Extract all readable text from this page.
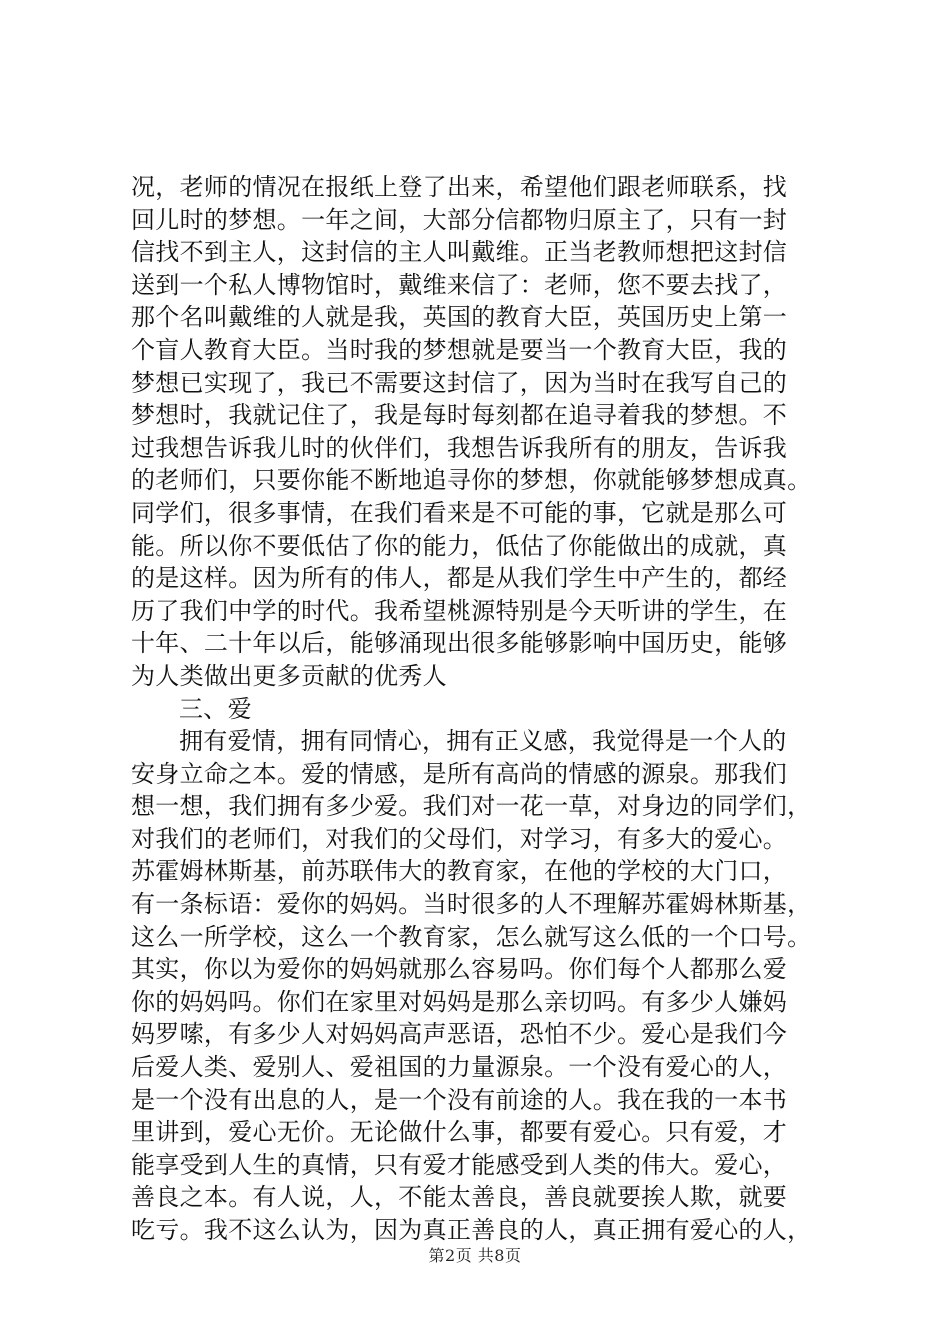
况，老师的情况在报纸上登了出来，希望他们跟老师联系，找
回儿时的梦想。一年之间，大部分信都物归原主了，只有一封
信找不到主人，这封信的主人叫戴维。正当老教师想把这封信
送到一个私人博物馆时，戴维来信了：老师，您不要去找了，
那个名叫戴维的人就是我，英国的教育大臣，英国历史上第一
个盲人教育大臣。当时我的梦想就是要当一个教育大臣，我的
梦想已实现了，我已不需要这封信了，因为当时在我写自己的
梦想时，我就记住了，我是每时每刻都在追寻着我的梦想。不
过我想告诉我儿时的伙伴们，我想告诉我所有的朋友，告诉我
的老师们，只要你能不断地追寻你的梦想，你就能够梦想成真。
同学们，很多事情，在我们看来是不可能的事，它就是那么可
能。所以你不要低估了你的能力，低估了你能做出的成就，真
的是这样。因为所有的伟人，都是从我们学生中产生的，都经
历了我们中学的时代。我希望桃源特别是今天听讲的学生，在
十年、二十年以后，能够涌现出很多能够影响中国历史，能够
为人类做出更多贡献的优秀人
三、爱
拥有爱情，拥有同情心，拥有正义感，我觉得是一个人的
安身立命之本。爱的情感，是所有高尚的情感的源泉。那我们
想一想，我们拥有多少爱。我们对一花一草，对身边的同学们，
对我们的老师们，对我们的父母们，对学习，有多大的爱心。
苏霍姆林斯基，前苏联伟大的教育家，在他的学校的大门口，
有一条标语：爱你的妈妈。当时很多的人不理解苏霍姆林斯基，
这么一所学校，这么一个教育家，怎么就写这么低的一个口号。
其实，你以为爱你的妈妈就那么容易吗。你们每个人都那么爱
你的妈妈吗。你们在家里对妈妈是那么亲切吗。有多少人嫌妈
妈罗嗦，有多少人对妈妈高声恶语，恐怕不少。爱心是我们今
后爱人类、爱别人、爱祖国的力量源泉。一个没有爱心的人，
是一个没有出息的人，是一个没有前途的人。我在我的一本书
里讲到，爱心无价。无论做什么事，都要有爱心。只有爱，才
能享受到人生的真情，只有爱才能感受到人类的伟大。爱心，
善良之本。有人说，人，不能太善良，善良就要挨人欺，就要
吃亏。我不这么认为，因为真正善良的人，真正拥有爱心的人，
第2页 共8页
